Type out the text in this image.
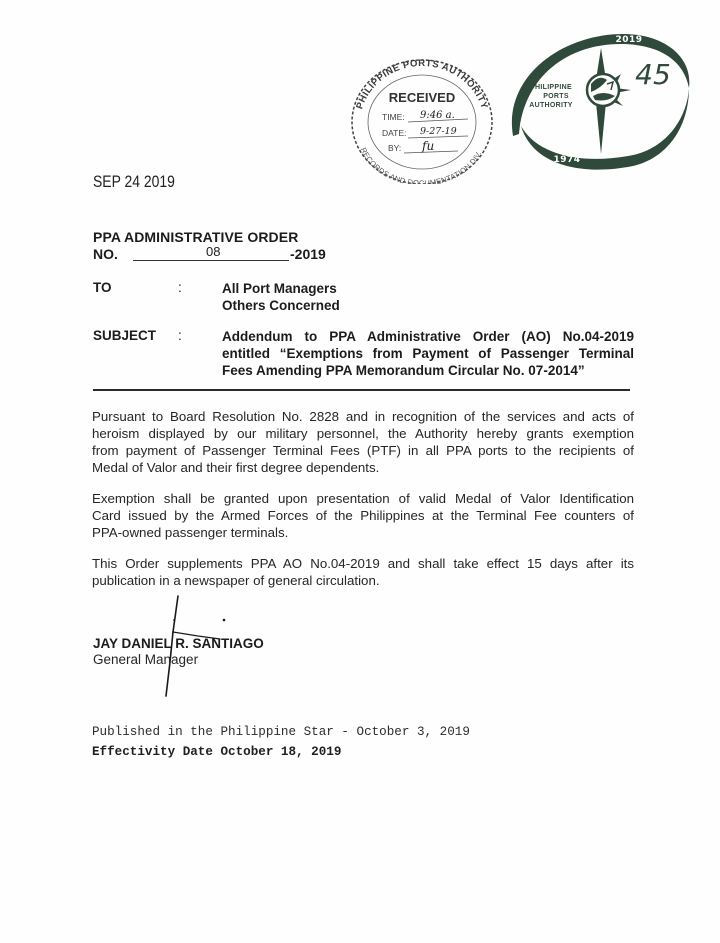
PHILIPPINE PORTS AUTHORITY
RECORDS AND DOCUMENTATION DIV.
RECEIVED
TIME: 9:46 a.
DATE: 9-27-19
BY: fu
PHILIPPINE
PORTS
AUTHORITY
45
2019
1974
SEP 24 2019
PPA ADMINISTRATIVE ORDER
NO.	08	-2019
TO	:	All Port Managers
Others Concerned
SUBJECT :	Addendum to PPA Administrative Order (AO) No.04-2019
entitled “Exemptions from Payment of Passenger Terminal
Fees Amending PPA Memorandum Circular No. 07-2014”
Pursuant to Board Resolution No. 2828 and in recognition of the services and acts of
heroism displayed by our military personnel, the Authority hereby grants exemption
from payment of Passenger Terminal Fees (PTF) in all PPA ports to the recipients of
Medal of Valor and their first degree dependents.
Exemption shall be granted upon presentation of valid Medal of Valor Identification
Card issued by the Armed Forces of the Philippines at the Terminal Fee counters of
PPA-owned passenger terminals.
This Order supplements PPA AO No.04-2019 and shall take effect 15 days after its
publication in a newspaper of general circulation.
JAY DANIEL R. SANTIAGO
General Manager
Published in the Philippine Star - October 3, 2019
Effectivity Date October 18, 2019
